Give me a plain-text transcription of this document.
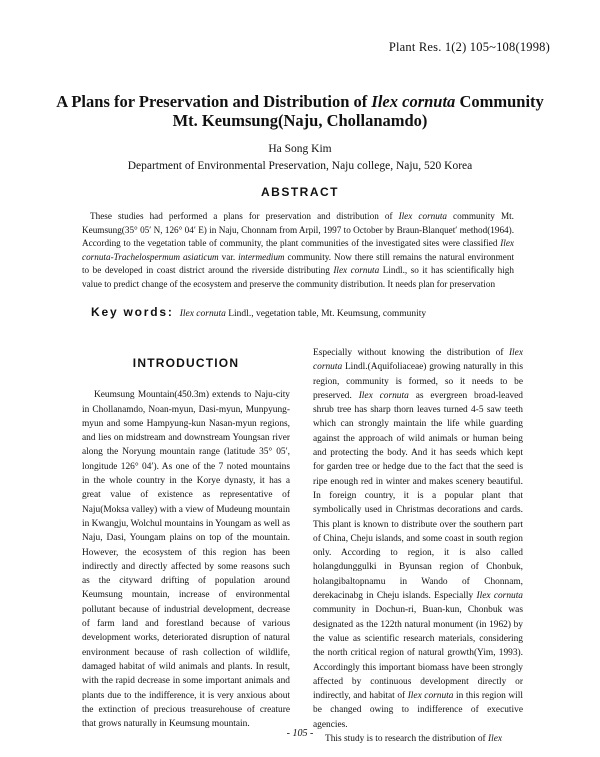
Plant Res. 1(2) 105~108(1998)
A Plans for Preservation and Distribution of Ilex cornuta Community
Mt. Keumsung(Naju, Chollanamdo)
Ha Song Kim
Department of Environmental Preservation, Naju college, Naju, 520 Korea
ABSTRACT

These studies had performed a plans for preservation and distribution of Ilex cornuta community Mt. Keumsung(35° 05′ N, 126° 04′ E) in Naju, Chonnam from Arpil, 1997 to October by Braun-Blanquet′ method(1964). According to the vegetation table of community, the plant communities of the investigated sites were classified Ilex cornuta-Trachelospermum asiaticum var. intermedium community. Now there still remains the natural environment to be developed in coast district around the riverside distributing Ilex cornuta Lindl., so it has scientifically high value to predict change of the ecosystem and preserve the community distribution. It needs plan for preservation

Key words: Ilex cornuta Lindl., vegetation table, Mt. Keumsung, community
INTRODUCTION

Keumsung Mountain(450.3m) extends to Naju-city in Chollanamdo, Noan-myun, Dasi-myun, Munpyung-myun and some Hampyung-kun Nasan-myun regions, and lies on midstream and downstream Youngsan river along the Noryung mountain range (latitude 35° 05′, longitude 126° 04′). As one of the 7 noted mountains in the whole country in the Korye dynasty, it has a great value of existence as representative of Naju(Moksa valley) with a view of Mudeung mountain in Kwangju, Wolchul mountains in Youngam as well as Naju, Dasi, Youngam plains on top of the mountain. However, the ecosystem of this region has been indirectly and directly affected by some reasons such as the cityward drifting of population around Keumsung mountain, increase of environmental pollutant because of industrial development, decrease of farm land and forestland because of various development works, deteriorated disruption of natural environment because of rash collection of wildlife, damaged habitat of wild animals and plants. In result, with the rapid decrease in some important animals and plants due to the indifference, it is very anxious about the extinction of precious treasurehouse of creature that grows naturally in Keumsung mountain.

Especially without knowing the distribution of Ilex cornuta Lindl.(Aquifoliaceae) growing naturally in this region, community is formed, so it needs to be preserved. Ilex cornuta as evergreen broad-leaved shrub tree has sharp thorn leaves turned 4-5 saw teeth which can strongly maintain the life while guarding against the approach of wild animals or human being and protecting the body. And it has seeds which kept for garden tree or hedge due to the fact that the seed is ripe enough red in winter and makes scenery beautiful. In foreign country, it is a popular plant that symbolically used in Christmas decorations and cards. This plant is known to distribute over the southern part of China, Cheju islands, and some coast in south region only. According to region, it is also called holangdunggulki in Byunsan region of Chonbuk, holangibaltopnamu in Wando of Chonnam, derekacinabg in Cheju islands. Especially Ilex cornuta community in Dochun-ri, Buan-kun, Chonbuk was designated as the 122th natural monument (in 1962) by the value as scientific research materials, considering the north critical region of natural growth(Yim, 1993). Accordingly this important biomass have been strongly affected by continuous development directly or indirectly, and habitat of Ilex cornuta in this region will be changed owing to indifference of executive agencies.

This study is to research the distribution of Ilex

- 105 -
